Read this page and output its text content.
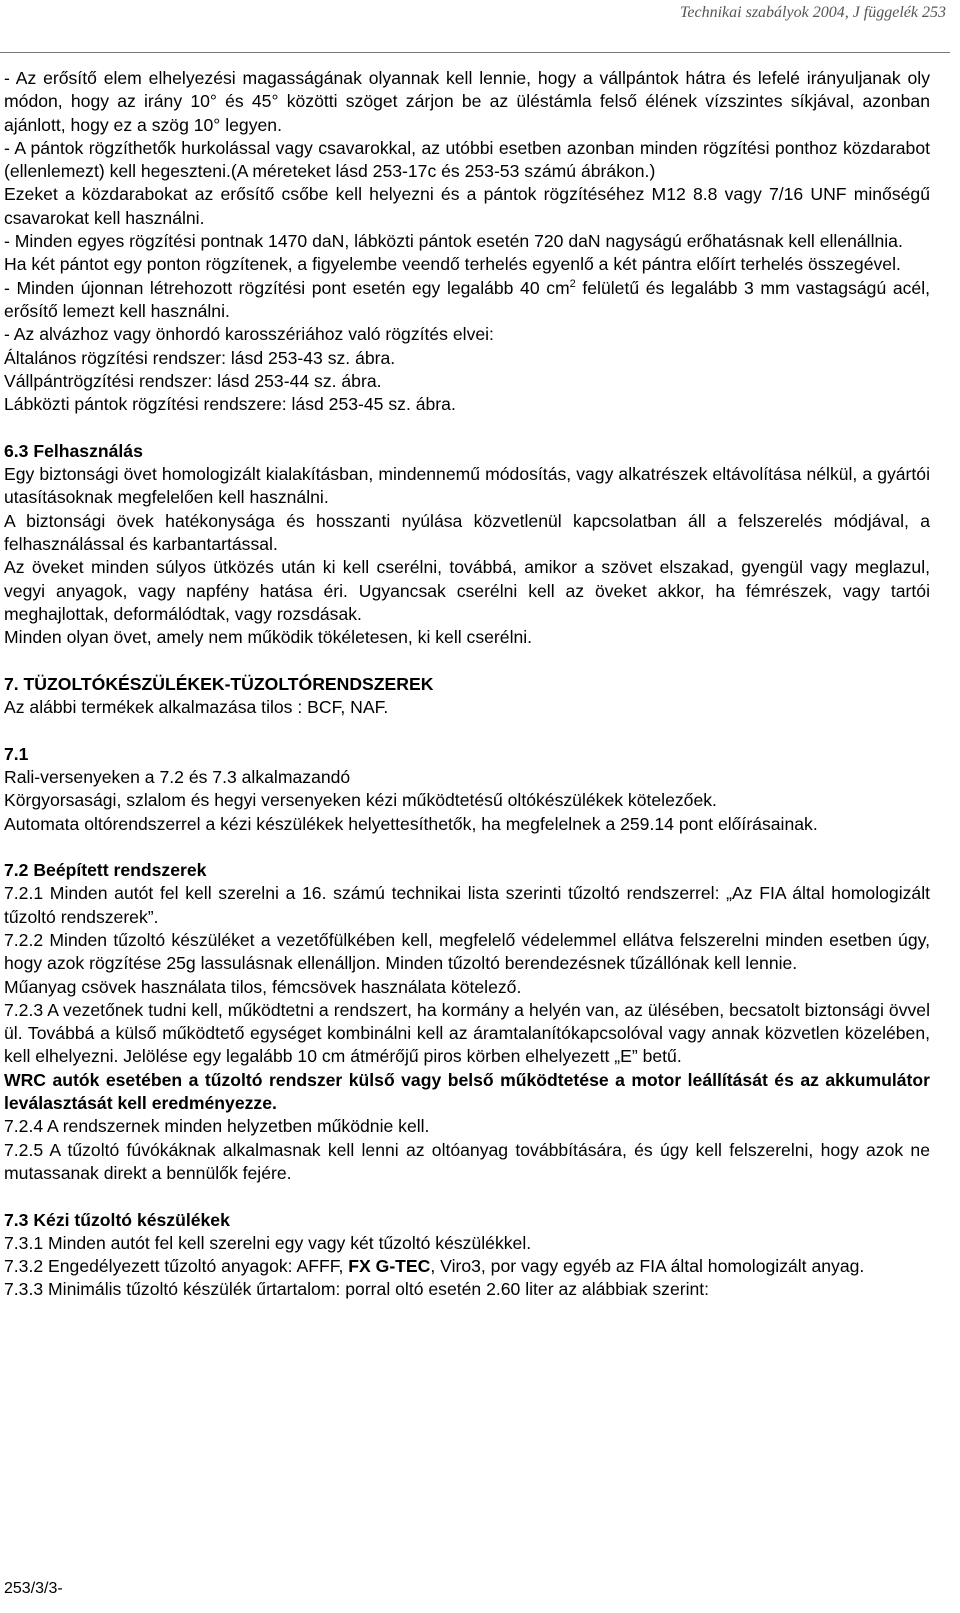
Technikai szabályok 2004, J függelék 253

- Az erősítő elem elhelyezési magasságának olyannak kell lennie, hogy a vállpántok hátra és lefelé irányuljanak oly módon, hogy az irány 10° és 45° közötti szöget zárjon be az üléstámla felső élének vízszintes síkjával, azonban ajánlott, hogy ez a szög 10° legyen.

- A pántok rögzíthetők hurkolással vagy csavarokkal, az utóbbi esetben azonban minden rögzítési ponthoz közdarabot (ellenlemezt) kell hegeszteni.(A méreteket lásd 253-17c és 253-53 számú ábrákon.)

Ezeket a közdarabokat az erősítő csőbe kell helyezni és a pántok rögzítéséhez M12 8.8 vagy 7/16 UNF minőségű csavarokat kell használni.

- Minden egyes rögzítési pontnak 1470 daN, lábközti pántok esetén 720 daN nagyságú erőhatásnak kell ellenállnia.

Ha két pántot egy ponton rögzítenek, a figyelembe veendő terhelés egyenlő a két pántra előírt terhelés összegével.

- Minden újonnan létrehozott rögzítési pont esetén egy legalább 40 $cm^2$ felületű és legalább 3 mm vastagságú acél, erősítő lemezt kell használni.

- Az alvázhoz vagy önhordó karosszériához való rögzítés elvei:

Általános rögzítési rendszer: lásd 253-43 sz. ábra.

Vállpántrögzítési rendszer: lásd 253-44 sz. ábra.

Lábközti pántok rögzítési rendszere: lásd 253-45 sz. ábra.

6.3 Felhasználás

Egy biztonsági övet homologizált kialakításban, mindennemű módosítás, vagy alkatrészek eltávolítása nélkül, a gyártói utasításoknak megfelelően kell használni.

A biztonsági övek hatékonysága és hosszanti nyúlása közvetlenül kapcsolatban áll a felszerelés módjával, a felhasználással és karbantartással.

Az öveket minden súlyos ütközés után ki kell cserélni, továbbá, amikor a szövet elszakad, gyengül vagy meglazul, vegyi anyagok, vagy napfény hatása éri. Ugyancsak cserélni kell az öveket akkor, ha fémrészek, vagy tartói meghajlottak, deformálódtak, vagy rozsdásak.

Minden olyan övet, amely nem működik tökéletesen, ki kell cserélni.

7. TÜZOLTÓKÉSZÜLÉKEK-TÜZOLTÓRENDSZEREK

Az alábbi termékek alkalmazása tilos : BCF, NAF.

7.1

Rali-versenyeken a 7.2 és 7.3 alkalmazandó

Körgyorsasági, szlalom és hegyi versenyeken kézi működtetésű oltókészülékek kötelezőek.

Automata oltórendszerrel a kézi készülékek helyettesíthetők, ha megfelelnek a 259.14 pont előírásainak.

7.2 Beépített rendszerek

7.2.1 Minden autót fel kell szerelni a 16. számú technikai lista szerinti tűzoltó rendszerrel: „Az FIA által homologizált tűzoltó rendszerek”.

7.2.2 Minden tűzoltó készüléket a vezetőfülkében kell, megfelelő védelemmel ellátva felszerelni minden esetben úgy, hogy azok rögzítése 25g lassulásnak ellenálljon. Minden tűzoltó berendezésnek tűzállónak kell lennie.

Műanyag csövek használata tilos, fémcsövek használata kötelező.

7.2.3 A vezetőnek tudni kell, működtetni a rendszert, ha kormány a helyén van, az ülésében, becsatolt biztonsági övvel ül. Továbbá a külső működtető egységet kombinálni kell az áramtalanítókapcsolóval vagy annak közvetlen közelében, kell elhelyezni. Jelölése egy legalább 10 cm átmérőjű piros körben elhelyezett „E” betű.

WRC autók esetében a tűzoltó rendszer külső vagy belső működtetése a motor leállítását és az akkumulátor leválasztását kell eredményezze.

7.2.4 A rendszernek minden helyzetben működnie kell.

7.2.5 A tűzoltó fúvókáknak alkalmasnak kell lenni az oltóanyag továbbítására, és úgy kell felszerelni, hogy azok ne mutassanak direkt a bennülők fejére.

7.3 Kézi tűzoltó készülékek

7.3.1 Minden autót fel kell szerelni egy vagy két tűzoltó készülékkel.

7.3.2 Engedélyezett tűzoltó anyagok: AFFF, FX G-TEC, Viro3, por vagy egyéb az FIA által homologizált anyag.

7.3.3 Minimális tűzoltó készülék űrtartalom: porral oltó esetén 2.60 liter az alábbiak szerint:

253/3/3-
